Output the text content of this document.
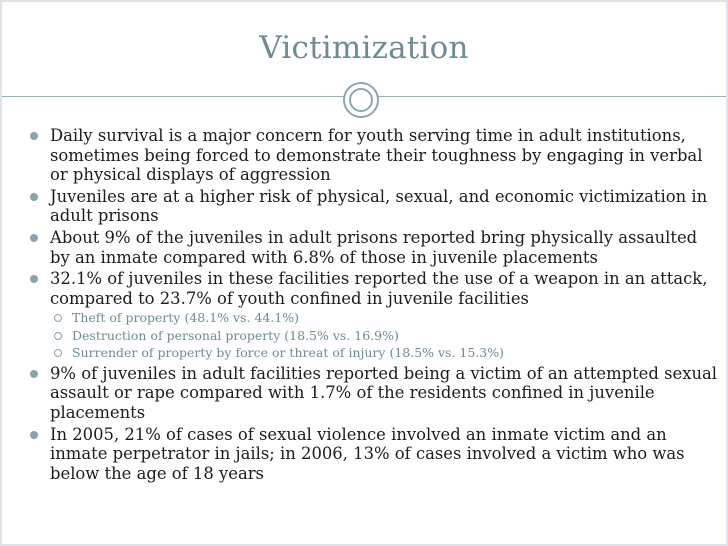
Victimization
Daily survival is a major concern for youth serving time in adult institutions, sometimes being forced to demonstrate their toughness by engaging in verbal or physical displays of aggression
Juveniles are at a higher risk of physical, sexual, and economic victimization in adult prisons
About 9% of the juveniles in adult prisons reported bring physically assaulted by an inmate compared with 6.8% of those in juvenile placements
32.1% of juveniles in these facilities reported the use of a weapon in an attack, compared to 23.7% of youth confined in juvenile facilities
Theft of property (48.1% vs. 44.1%)
Destruction of personal property (18.5% vs. 16.9%)
Surrender of property by force or threat of injury (18.5% vs. 15.3%)
9% of juveniles in adult facilities reported being a victim of an attempted sexual assault or rape compared with 1.7% of the residents confined in juvenile placements
In 2005, 21% of cases of sexual violence involved an inmate victim and an inmate perpetrator in jails; in 2006, 13% of cases involved a victim who was below the age of 18 years
